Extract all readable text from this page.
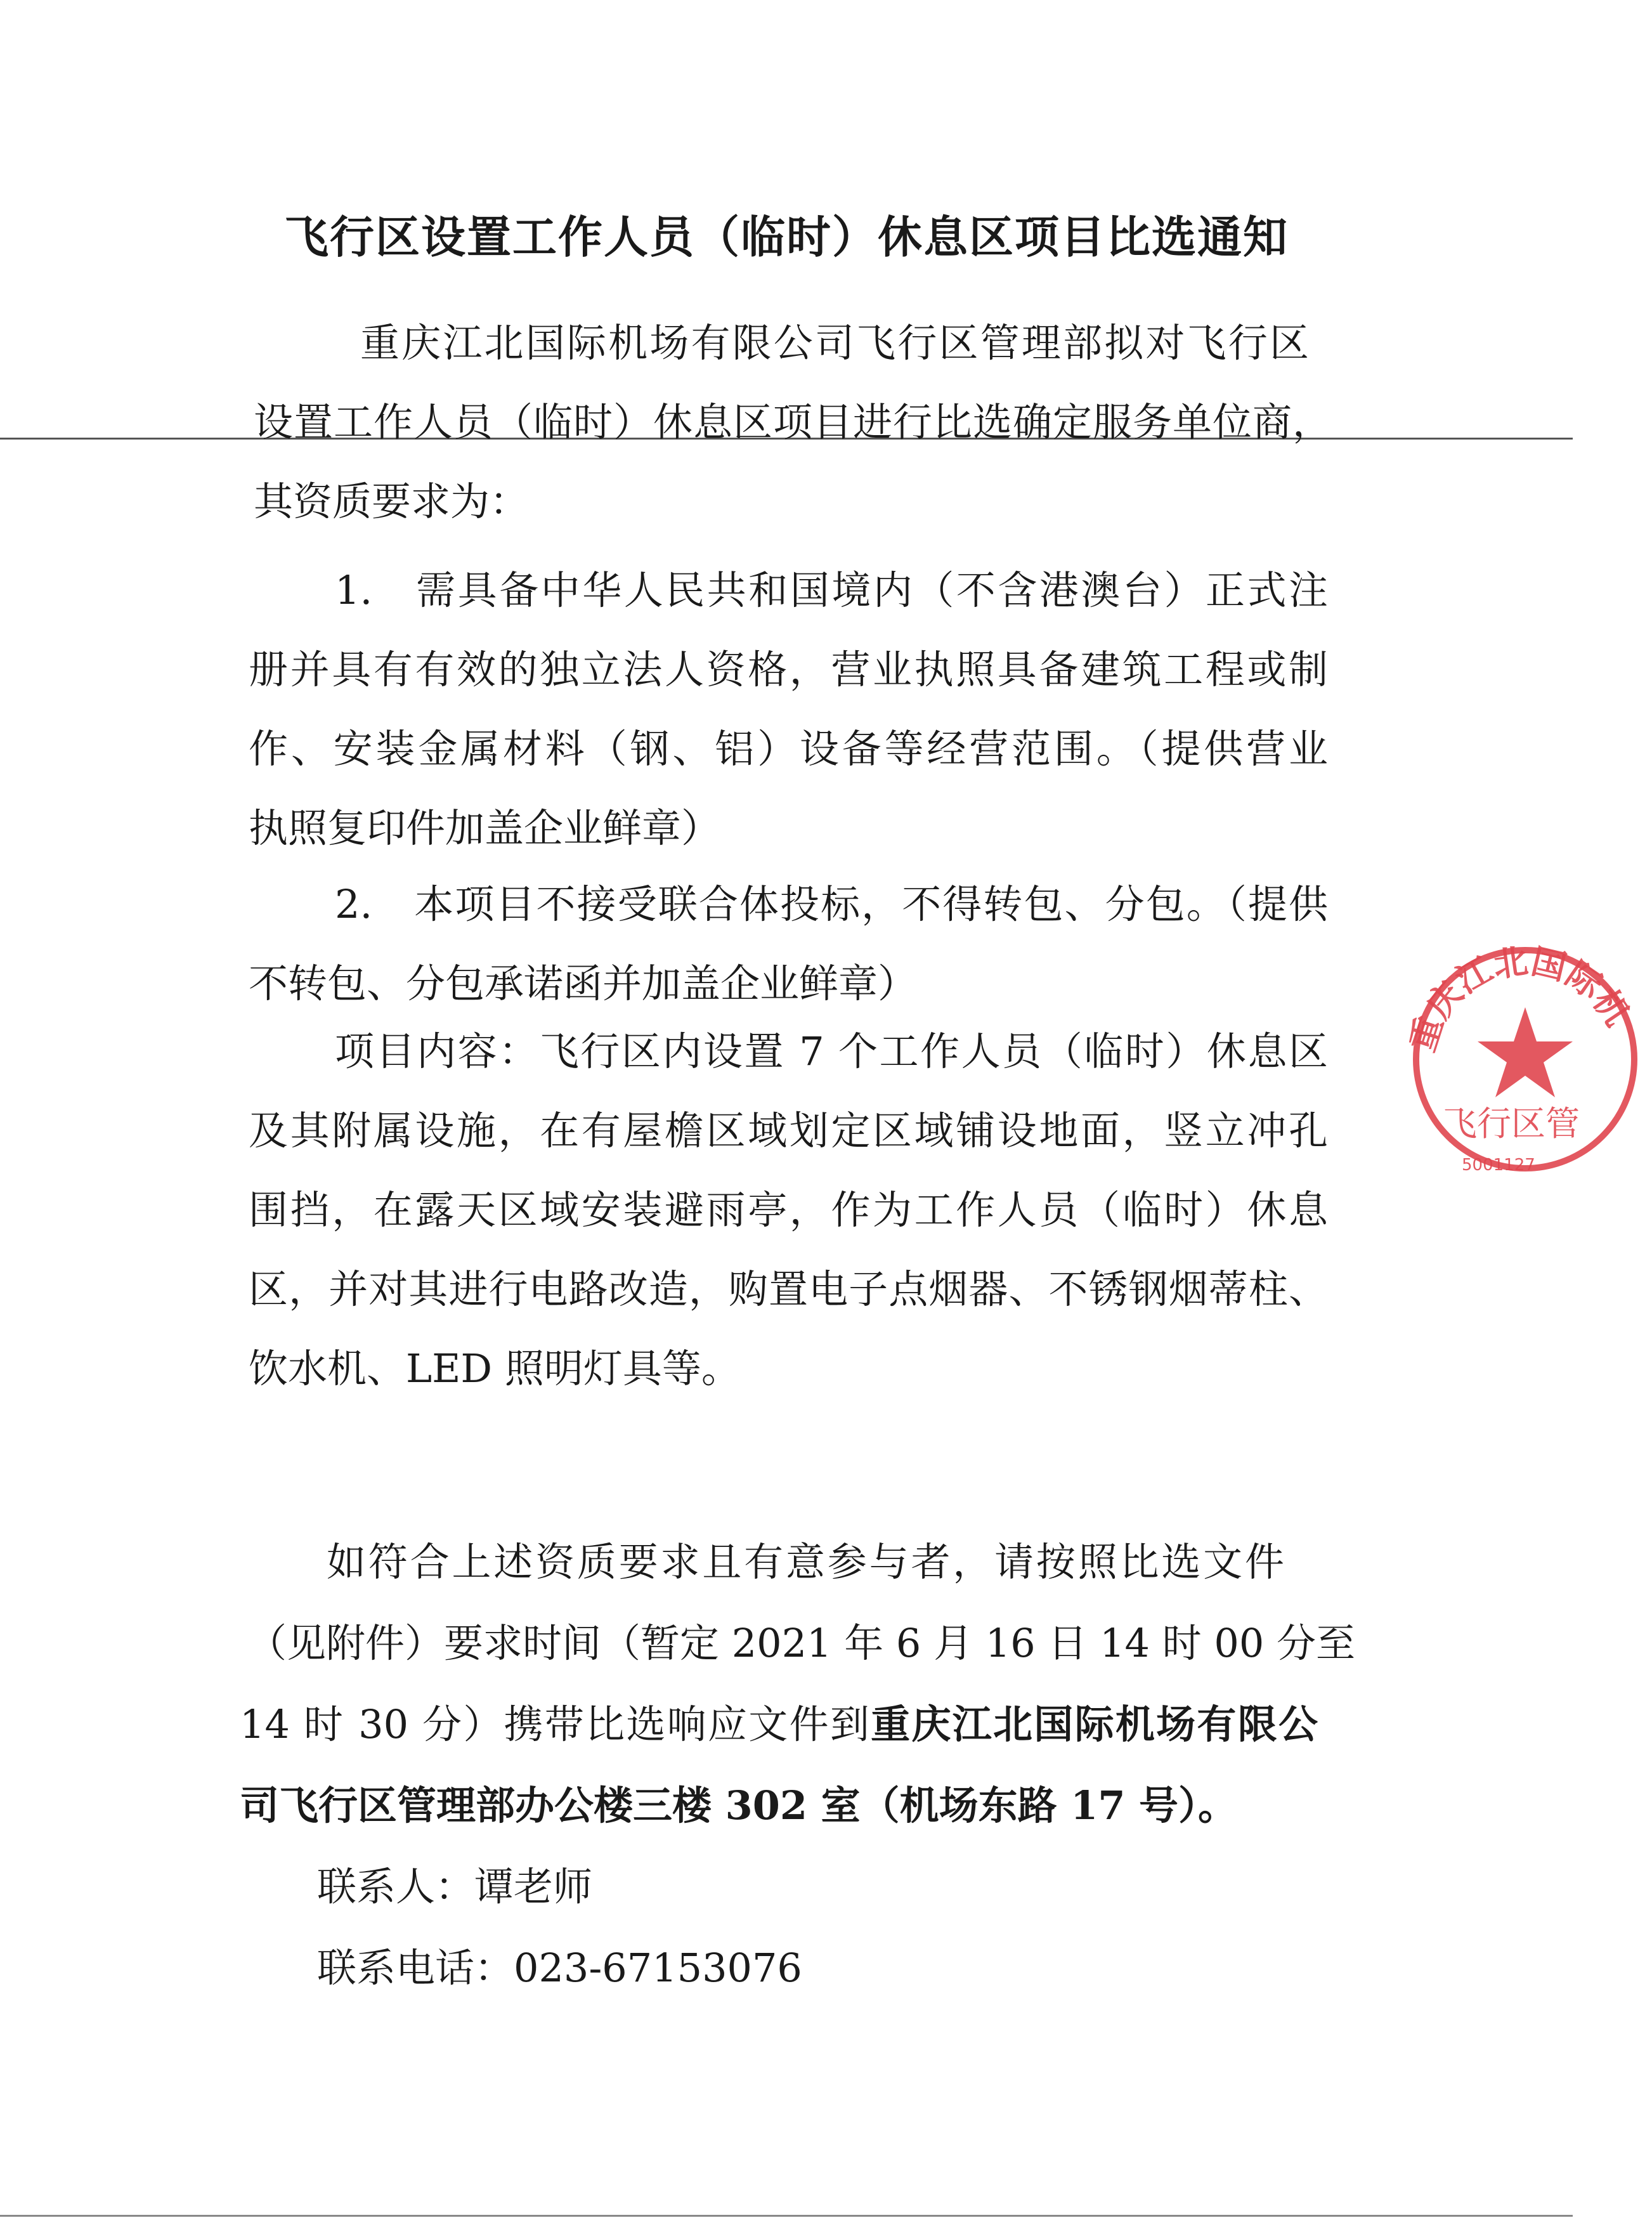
飞行区设置工作人员（临时）休息区项目比选通知

重庆江北国际机场有限公司飞行区管理部拟对飞行区

设置工作人员（临时）休息区项目进行比选确定服务单位商，

其资质要求为：

1.　需具备中华人民共和国境内（不含港澳台）正式注

册并具有有效的独立法人资格，营业执照具备建筑工程或制

作、安装金属材料（钢、铝）设备等经营范围。（提供营业

执照复印件加盖企业鲜章）

2.　本项目不接受联合体投标，不得转包、分包。（提供

不转包、分包承诺函并加盖企业鲜章）

项目内容：飞行区内设置 7 个工作人员（临时）休息区

及其附属设施，在有屋檐区域划定区域铺设地面，竖立冲孔

围挡，在露天区域安装避雨亭，作为工作人员（临时）休息

区，并对其进行电路改造，购置电子点烟器、不锈钢烟蒂柱、

饮水机、LED 照明灯具等。

如符合上述资质要求且有意参与者，请按照比选文件

（见附件）要求时间（暂定 2021 年 6 月 16 日 14 时 00 分至

14 时 30 分）携带比选响应文件到重庆江北国际机场有限公

司飞行区管理部办公楼三楼 302 室（机场东路 17 号）。

联系人：谭老师

联系电话：023-67153076

重庆江北国际机
飞行区管
5001127
